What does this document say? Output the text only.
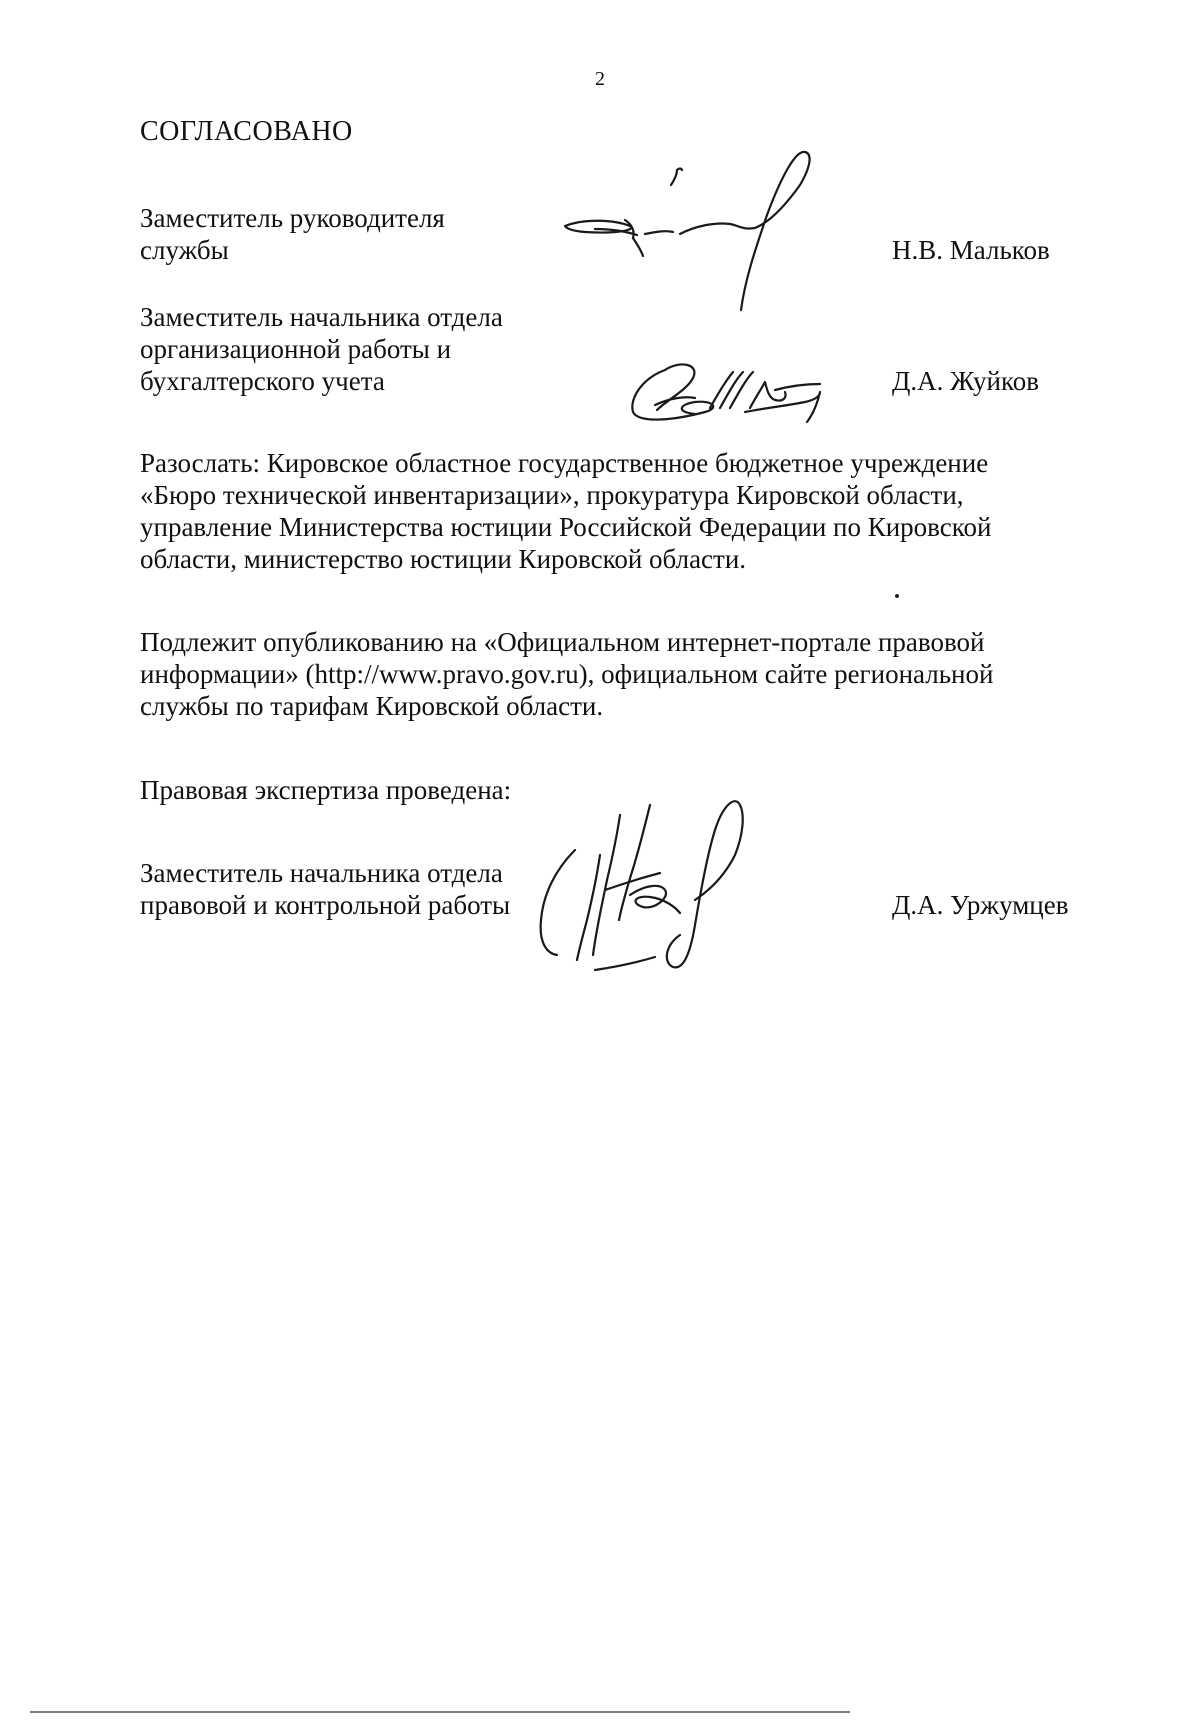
2
СОГЛАСОВАНО
Заместитель руководителя
службы	Н.В. Мальков
Заместитель начальника отдела
организационной работы и
бухгалтерского учета	Д.А. Жуйков
Разослать: Кировское областное государственное бюджетное учреждение
«Бюро технической инвентаризации», прокуратура Кировской области,
управление Министерства юстиции Российской Федерации по Кировской
области, министерство юстиции Кировской области.
Подлежит опубликованию на «Официальном интернет-портале правовой
информации» (http://www.pravo.gov.ru), официальном сайте региональной
службы по тарифам Кировской области.
Правовая экспертиза проведена:
Заместитель начальника отдела
правовой и контрольной работы	Д.А. Уржумцев
